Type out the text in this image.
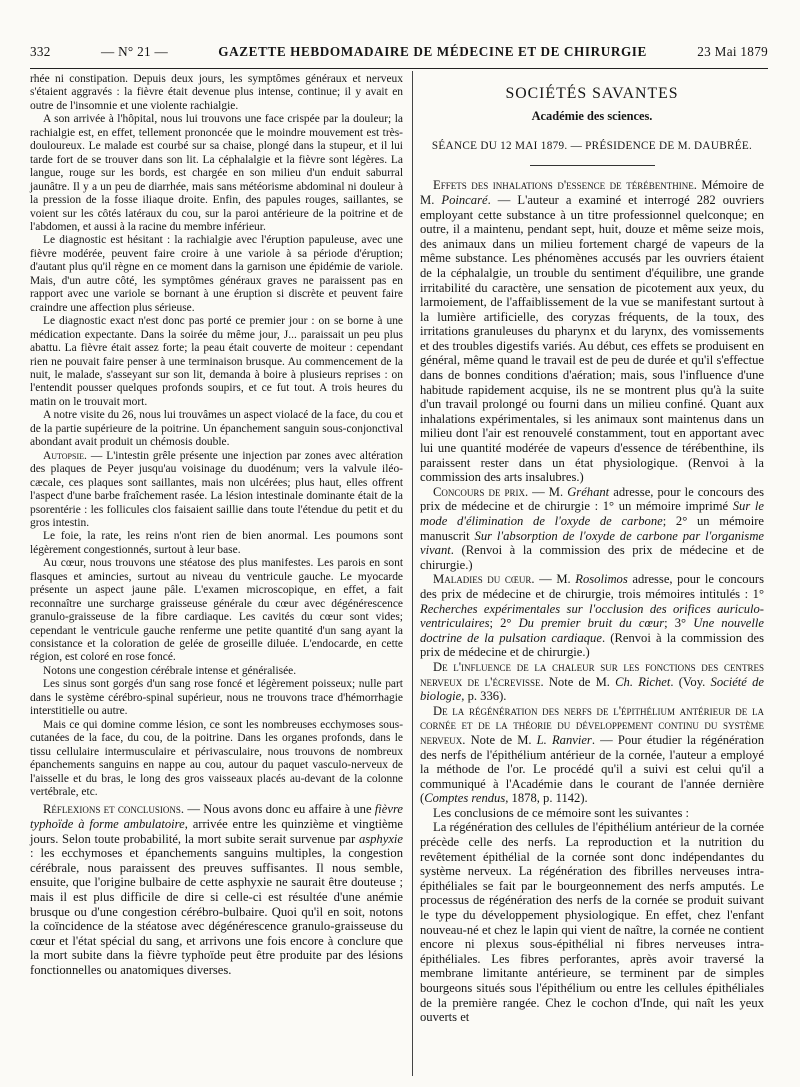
332	— N° 21 —	GAZETTE HEBDOMADAIRE DE MÉDECINE ET DE CHIRURGIE	23 Mai 1879

rhée ni constipation. Depuis deux jours, les symptômes généraux et nerveux s'étaient aggravés : la fièvre était devenue plus intense, continue; il y avait en outre de l'insomnie et une violente rachialgie.

A son arrivée à l'hôpital, nous lui trouvons une face crispée par la douleur; la rachialgie est, en effet, tellement prononcée que le moindre mouvement est très-douloureux. Le malade est courbé sur sa chaise, plongé dans la stupeur, et il lui tarde fort de se trouver dans son lit. La céphalalgie et la fièvre sont légères. La langue, rouge sur les bords, est chargée en son milieu d'un enduit saburral jaunâtre. Il y a un peu de diarrhée, mais sans météorisme abdominal ni douleur à la pression de la fosse iliaque droite. Enfin, des papules rouges, saillantes, se voient sur les côtés latéraux du cou, sur la paroi antérieure de la poitrine et de l'abdomen, et aussi à la racine du membre inférieur.

Le diagnostic est hésitant : la rachialgie avec l'éruption papuleuse, avec une fièvre modérée, peuvent faire croire à une variole à sa période d'éruption; d'autant plus qu'il règne en ce moment dans la garnison une épidémie de variole. Mais, d'un autre côté, les symptômes généraux graves ne paraissent pas en rapport avec une variole se bornant à une éruption si discrète et peuvent faire craindre une affection plus sérieuse.

Le diagnostic exact n'est donc pas porté ce premier jour : on se borne à une médication expectante. Dans la soirée du même jour, J... paraissait un peu plus abattu. La fièvre était assez forte; la peau était couverte de moiteur : cependant rien ne pouvait faire penser à une terminaison brusque. Au commencement de la nuit, le malade, s'asseyant sur son lit, demanda à boire à plusieurs reprises : on l'entendit pousser quelques profonds soupirs, et ce fut tout. A trois heures du matin on le trouvait mort.

A notre visite du 26, nous lui trouvâmes un aspect violacé de la face, du cou et de la partie supérieure de la poitrine. Un épanchement sanguin sous-conjonctival abondant avait produit un chémosis double.

Autopsie. — L'intestin grêle présente une injection par zones avec altération des plaques de Peyer jusqu'au voisinage du duodénum; vers la valvule iléo-cæcale, ces plaques sont saillantes, mais non ulcérées; plus haut, elles offrent l'aspect d'une barbe fraîchement rasée. La lésion intestinale dominante était de la psorentérie : les follicules clos faisaient saillie dans toute l'étendue du petit et du gros intestin.

Le foie, la rate, les reins n'ont rien de bien anormal. Les poumons sont légèrement congestionnés, surtout à leur base.

Au cœur, nous trouvons une stéatose des plus manifestes. Les parois en sont flasques et amincies, surtout au niveau du ventricule gauche. Le myocarde présente un aspect jaune pâle. L'examen microscopique, en effet, a fait reconnaître une surcharge graisseuse générale du cœur avec dégénérescence granulo-graisseuse de la fibre cardiaque. Les cavités du cœur sont vides; cependant le ventricule gauche renferme une petite quantité d'un sang ayant la consistance et la coloration de gelée de groseille diluée. L'endocarde, en cette région, est coloré en rose foncé.

Notons une congestion cérébrale intense et généralisée.

Les sinus sont gorgés d'un sang rose foncé et légèrement poisseux; nulle part dans le système cérébro-spinal supérieur, nous ne trouvons trace d'hémorrhagie interstitielle ou autre.

Mais ce qui domine comme lésion, ce sont les nombreuses ecchymoses sous-cutanées de la face, du cou, de la poitrine. Dans les organes profonds, dans le tissu cellulaire intermusculaire et périvasculaire, nous trouvons de nombreux épanchements sanguins en nappe au cou, autour du paquet vasculo-nerveux de l'aisselle et du bras, le long des gros vaisseaux placés au-devant de la colonne vertébrale, etc.

Réflexions et conclusions. — Nous avons donc eu affaire à une fièvre typhoïde à forme ambulatoire, arrivée entre les quinzième et vingtième jours. Selon toute probabilité, la mort subite serait survenue par asphyxie : les ecchymoses et épanchements sanguins multiples, la congestion cérébrale, nous paraissent des preuves suffisantes. Il nous semble, ensuite, que l'origine bulbaire de cette asphyxie ne saurait être douteuse ; mais il est plus difficile de dire si celle-ci est résultée d'une anémie brusque ou d'une congestion cérébro-bulbaire. Quoi qu'il en soit, notons la coïncidence de la stéatose avec dégénérescence granulo-graisseuse du cœur et l'état spécial du sang, et arrivons une fois encore à conclure que la mort subite dans la fièvre typhoïde peut être produite par des lésions fonctionnelles ou anatomiques diverses.

SOCIÉTÉS SAVANTES
Académie des sciences.
SÉANCE DU 12 MAI 1879. — PRÉSIDENCE DE M. DAUBRÉE.

Effets des inhalations d'essence de térébenthine. Mémoire de M. Poincaré. — L'auteur a examiné et interrogé 282 ouvriers employant cette substance à un titre professionnel quelconque; en outre, il a maintenu, pendant sept, huit, douze et même seize mois, des animaux dans un milieu fortement chargé de vapeurs de la même substance. Les phénomènes accusés par les ouvriers étaient de la céphalalgie, un trouble du sentiment d'équilibre, une grande irritabilité du caractère, une sensation de picotement aux yeux, du larmoiement, de l'affaiblissement de la vue se manifestant surtout à la lumière artificielle, des coryzas fréquents, de la toux, des irritations granuleuses du pharynx et du larynx, des vomissements et des troubles digestifs variés. Au début, ces effets se produisent en général, même quand le travail est de peu de durée et qu'il s'effectue dans de bonnes conditions d'aération; mais, sous l'influence d'une habitude rapidement acquise, ils ne se montrent plus qu'à la suite d'un travail prolongé ou fourni dans un milieu confiné. Quant aux inhalations expérimentales, si les animaux sont maintenus dans un milieu dont l'air est renouvelé constamment, tout en apportant avec lui une quantité modérée de vapeurs d'essence de térébenthine, ils paraissent rester dans un état physiologique. (Renvoi à la commission des arts insalubres.)

Concours de prix. — M. Gréhant adresse, pour le concours des prix de médecine et de chirurgie : 1° un mémoire imprimé Sur le mode d'élimination de l'oxyde de carbone; 2° un mémoire manuscrit Sur l'absorption de l'oxyde de carbone par l'organisme vivant. (Renvoi à la commission des prix de médecine et de chirurgie.)

Maladies du cœur. — M. Rosolimos adresse, pour le concours des prix de médecine et de chirurgie, trois mémoires intitulés : 1° Recherches expérimentales sur l'occlusion des orifices auriculo-ventriculaires; 2° Du premier bruit du cœur; 3° Une nouvelle doctrine de la pulsation cardiaque. (Renvoi à la commission des prix de médecine et de chirurgie.)

De l'influence de la chaleur sur les fonctions des centres nerveux de l'écrevisse. Note de M. Ch. Richet. (Voy. Société de biologie, p. 336).

De la régénération des nerfs de l'épithélium antérieur de la cornée et de la théorie du développement continu du système nerveux. Note de M. L. Ranvier. — Pour étudier la régénération des nerfs de l'épithélium antérieur de la cornée, l'auteur a employé la méthode de l'or. Le procédé qu'il a suivi est celui qu'il a communiqué à l'Académie dans le courant de l'année dernière (Comptes rendus, 1878, p. 1142).

Les conclusions de ce mémoire sont les suivantes :

La régénération des cellules de l'épithélium antérieur de la cornée précède celle des nerfs. La reproduction et la nutrition du revêtement épithélial de la cornée sont donc indépendantes du système nerveux. La régénération des fibrilles nerveuses intra-épithéliales se fait par le bourgeonnement des nerfs amputés. Le processus de régénération des nerfs de la cornée se produit suivant le type du développement physiologique. En effet, chez l'enfant nouveau-né et chez le lapin qui vient de naître, la cornée ne contient encore ni plexus sous-épithélial ni fibres nerveuses intra-épithéliales. Les fibres perforantes, après avoir traversé la membrane limitante antérieure, se terminent par de simples bourgeons situés sous l'épithélium ou entre les cellules épithéliales de la première rangée. Chez le cochon d'Inde, qui naît les yeux ouverts et
